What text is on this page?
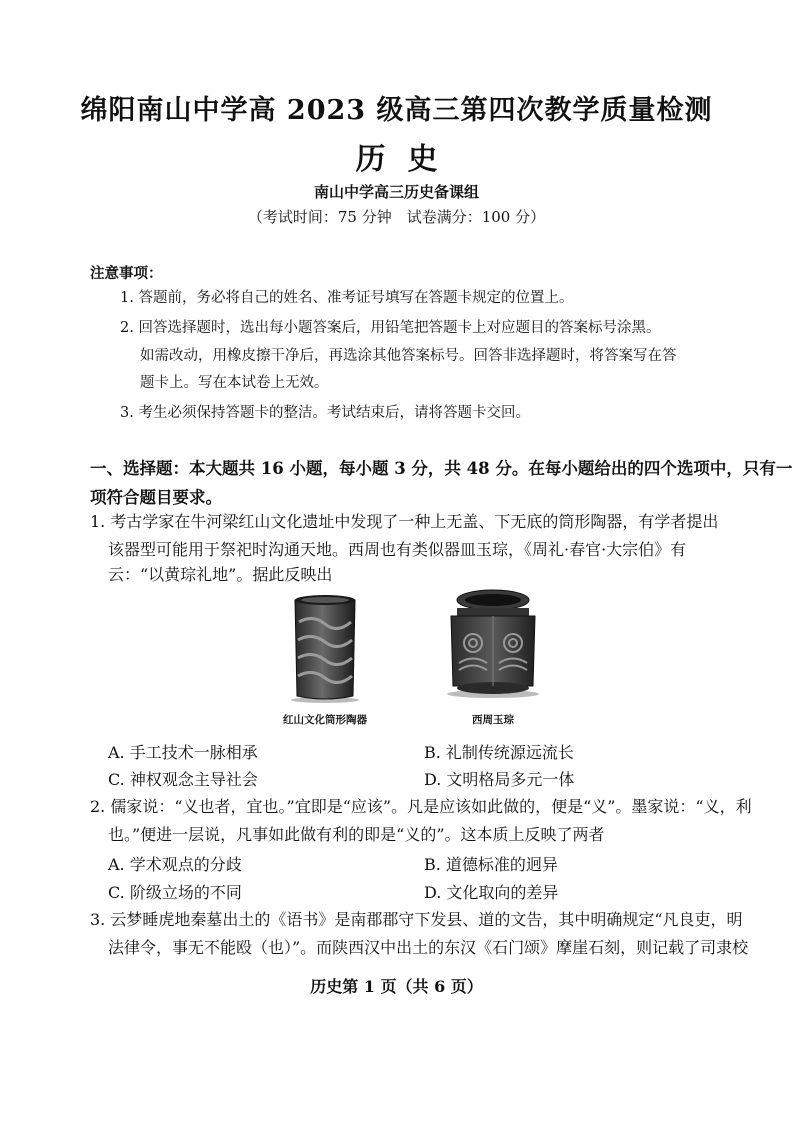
绵阳南山中学高 2023 级高三第四次教学质量检测
历史
南山中学高三历史备课组
（考试时间：75 分钟　试卷满分：100 分）
注意事项：
1. 答题前，务必将自己的姓名、准考证号填写在答题卡规定的位置上。
2. 回答选择题时，选出每小题答案后，用铅笔把答题卡上对应题目的答案标号涂黑。
如需改动，用橡皮擦干净后，再选涂其他答案标号。回答非选择题时，将答案写在答
题卡上。写在本试卷上无效。
3. 考生必须保持答题卡的整洁。考试结束后，请将答题卡交回。
一、选择题：本大题共 16 小题，每小题 3 分，共 48 分。在每小题给出的四个选项中，只有一
项符合题目要求。
1. 考古学家在牛河梁红山文化遗址中发现了一种上无盖、下无底的筒形陶器，有学者提出
该器型可能用于祭祀时沟通天地。西周也有类似器皿玉琮，《周礼·春官·大宗伯》有
云：“以黄琮礼地”。据此反映出
红山文化筒形陶器	西周玉琮
A. 手工技术一脉相承	B. 礼制传统源远流长
C. 神权观念主导社会	D. 文明格局多元一体
2. 儒家说：“义也者，宜也。”宜即是“应该”。凡是应该如此做的，便是“义”。墨家说：“义，利
也。”便进一层说，凡事如此做有利的即是“义的”。这本质上反映了两者
A. 学术观点的分歧	B. 道德标准的迥异
C. 阶级立场的不同	D. 文化取向的差异
3. 云梦睡虎地秦墓出土的《语书》是南郡郡守下发县、道的文告，其中明确规定“凡良吏，明
法律令，事无不能殴（也）”。而陕西汉中出土的东汉《石门颂》摩崖石刻，则记载了司隶校
历史第 1 页（共 6 页）
